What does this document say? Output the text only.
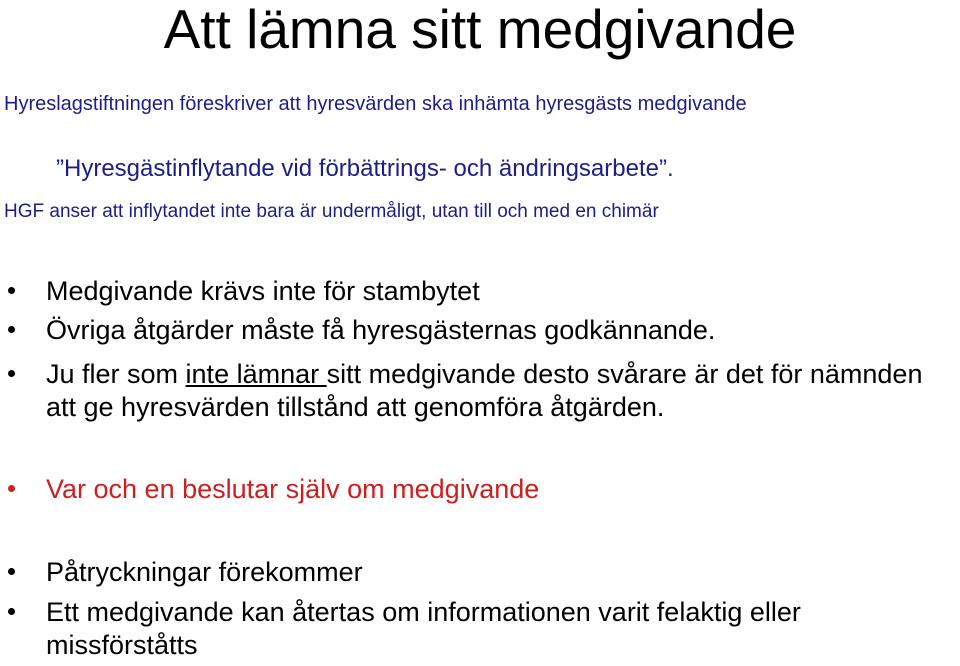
Att lämna sitt medgivande
Hyreslagstiftningen föreskriver att hyresvärden ska inhämta hyresgästs medgivande
”Hyresgästinflytande vid förbättrings- och ändringsarbete”.
HGF anser att inflytandet inte bara är undermåligt, utan till och med en chimär
Medgivande krävs inte för stambytet
Övriga åtgärder måste få hyresgästernas godkännande.
Ju fler som inte lämnar sitt medgivande desto svårare är det för nämnden att ge hyresvärden tillstånd att genomföra åtgärden.
Var och en beslutar själv om medgivande
Påtryckningar förekommer
Ett medgivande kan återtas om informationen varit felaktig eller missförståtts
